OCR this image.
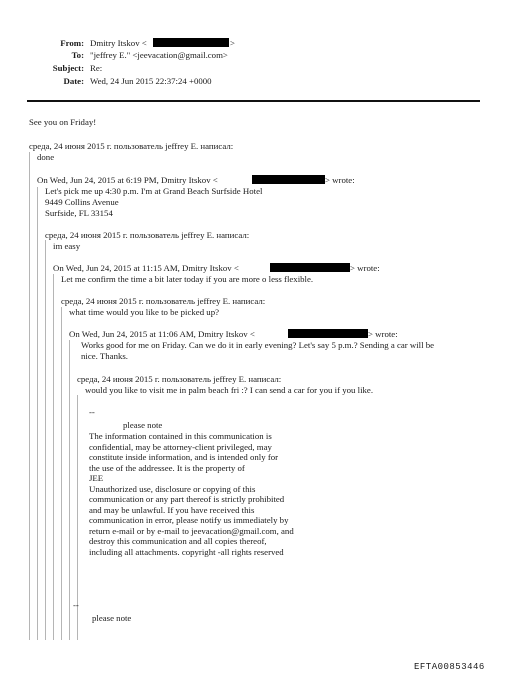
From: Dmitry Itskov <	>
To: "jeffrey E." <jeevacation@gmail.com>
Subject: Re:
Date: Wed, 24 Jun 2015 22:37:24 +0000
See you on Friday!
среда, 24 июня 2015 г. пользователь jeffrey E. написал:
done
On Wed, Jun 24, 2015 at 6:19 PM, Dmitry Itskov <	> wrote:
Let's pick me up 4:30 p.m. I'm at Grand Beach Surfside Hotel
9449 Collins Avenue
Surfside, FL 33154
среда, 24 июня 2015 г. пользователь jeffrey E. написал:
im easy
On Wed, Jun 24, 2015 at 11:15 AM, Dmitry Itskov <	> wrote:
Let me confirm the time a bit later today if you are more o less flexible.
среда, 24 июня 2015 г. пользователь jeffrey E. написал:
what time would you like to be picked up?
On Wed, Jun 24, 2015 at 11:06 AM, Dmitry Itskov <	> wrote:
Works good for me on Friday. Can we do it in early evening? Let's say 5 p.m.? Sending a car will be
nice. Thanks.
среда, 24 июня 2015 г. пользователь jeffrey E. написал:
would you like to visit me in palm beach fri :? I can send a car for you if you like.
--
please note
The information contained in this communication is
confidential, may be attorney-client privileged, may
constitute inside information, and is intended only for
the use of the addressee. It is the property of
JEE
Unauthorized use, disclosure or copying of this
communication or any part thereof is strictly prohibited
and may be unlawful. If you have received this
communication in error, please notify us immediately by
return e-mail or by e-mail to jeevacation@gmail.com, and
destroy this communication and all copies thereof,
including all attachments. copyright -all rights reserved
--
please note
EFTA00853446
